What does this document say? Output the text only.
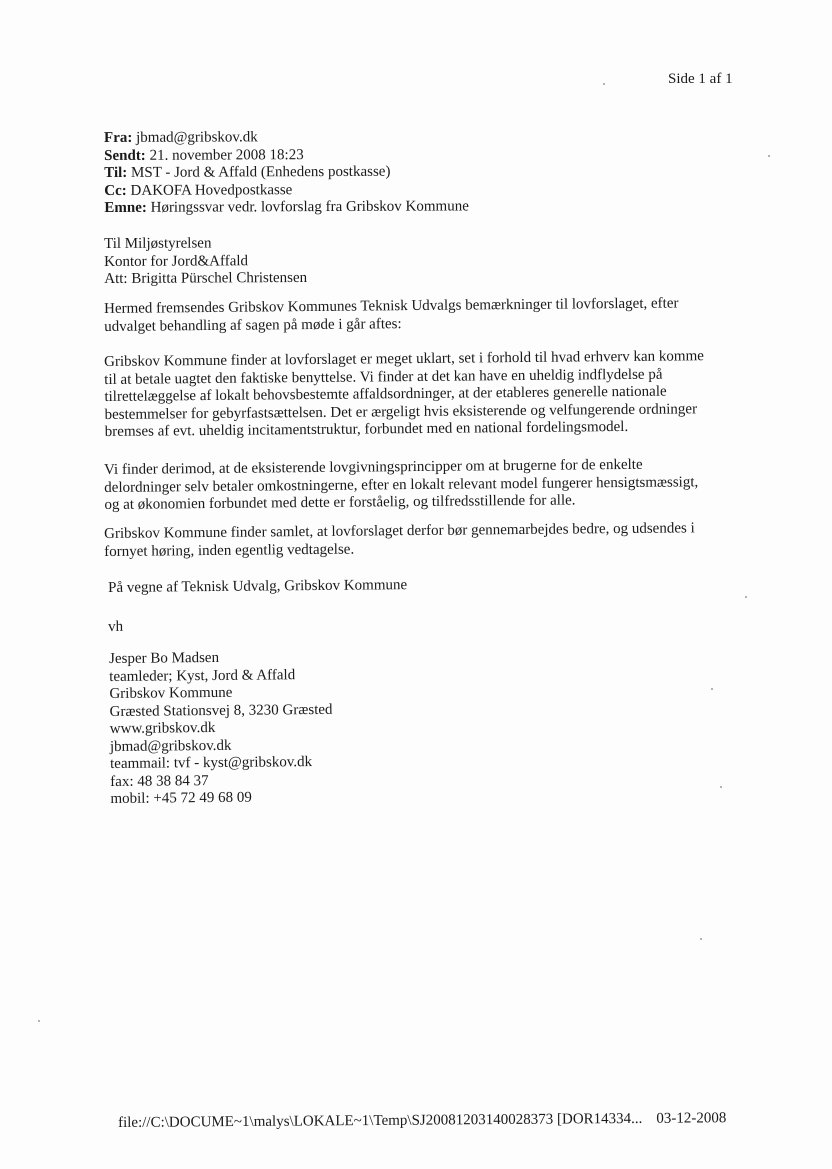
Side 1 af 1
Fra: jbmad@gribskov.dk
Sendt: 21. november 2008 18:23
Til: MST - Jord & Affald (Enhedens postkasse)
Cc: DAKOFA Hovedpostkasse
Emne: Høringssvar vedr. lovforslag fra Gribskov Kommune
Til Miljøstyrelsen
Kontor for Jord&Affald
Att: Brigitta Pürschel Christensen
Hermed fremsendes Gribskov Kommunes Teknisk Udvalgs bemærkninger til lovforslaget, efter
udvalget behandling af sagen på møde i går aftes:
Gribskov Kommune finder at lovforslaget er meget uklart, set i forhold til hvad erhverv kan komme
til at betale uagtet den faktiske benyttelse. Vi finder at det kan have en uheldig indflydelse på
tilrettelæggelse af lokalt behovsbestemte affaldsordninger, at der etableres generelle nationale
bestemmelser for gebyrfastsættelsen. Det er ærgeligt hvis eksisterende og velfungerende ordninger
bremses af evt. uheldig incitamentstruktur, forbundet med en national fordelingsmodel.
Vi finder derimod, at de eksisterende lovgivningsprincipper om at brugerne for de enkelte
delordninger selv betaler omkostningerne, efter en lokalt relevant model fungerer hensigtsmæssigt,
og at økonomien forbundet med dette er forståelig, og tilfredsstillende for alle.
Gribskov Kommune finder samlet, at lovforslaget derfor bør gennemarbejdes bedre, og udsendes i
fornyet høring, inden egentlig vedtagelse.
På vegne af Teknisk Udvalg, Gribskov Kommune
vh
Jesper Bo Madsen
teamleder; Kyst, Jord & Affald
Gribskov Kommune
Græsted Stationsvej 8, 3230 Græsted
www.gribskov.dk
jbmad@gribskov.dk
teammail: tvf - kyst@gribskov.dk
fax: 48 38 84 37
mobil: +45 72 49 68 09
file://C:\DOCUME~1\malys\LOKALE~1\Temp\SJ20081203140028373 [DOR14334... 03-12-2008
